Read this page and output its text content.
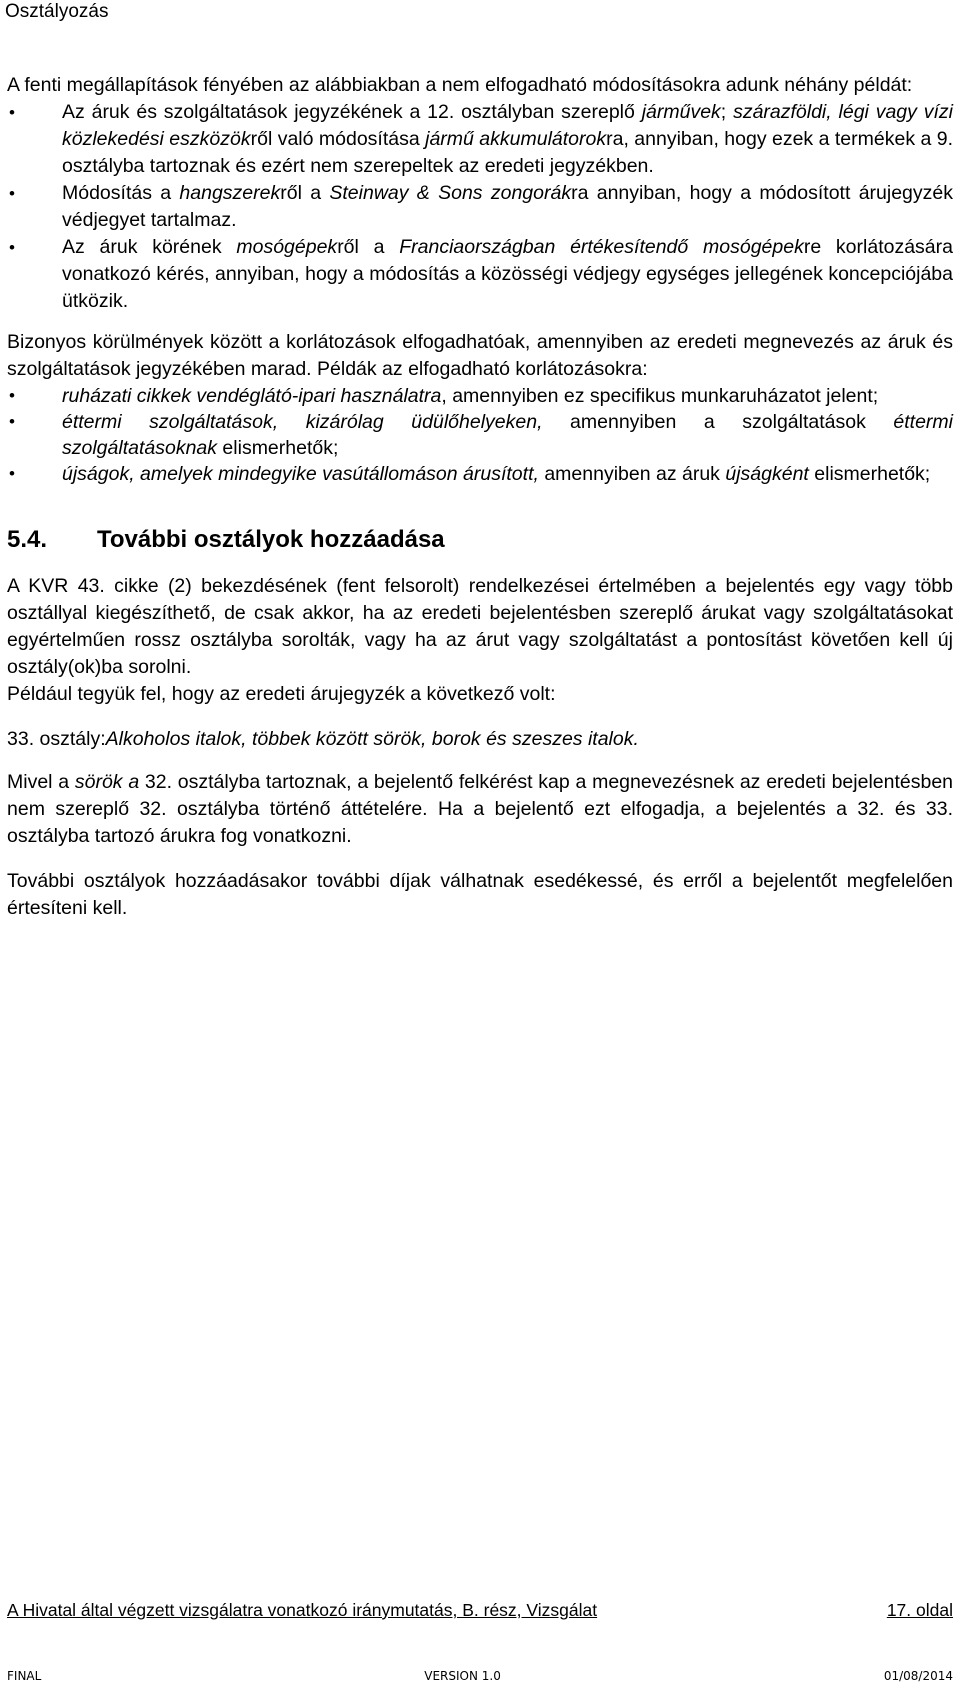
Osztályozás

A fenti megállapítások fényében az alábbiakban a nem elfogadható módosításokra adunk néhány példát:

• Az áruk és szolgáltatások jegyzékének a 12. osztályban szereplő járművek; szárazföldi, légi vagy vízi közlekedési eszközökről való módosítása jármű akkumulátorokra, annyiban, hogy ezek a termékek a 9. osztályba tartoznak és ezért nem szerepeltek az eredeti jegyzékben.
• Módosítás a hangszerekről a Steinway & Sons zongorákra annyiban, hogy a módosított árujegyzék védjegyet tartalmaz.
• Az áruk körének mosógépekről a Franciaországban értékesítendő mosógépekre korlátozására vonatkozó kérés, annyiban, hogy a módosítás a közösségi védjegy egységes jellegének koncepciójába ütközik.

Bizonyos körülmények között a korlátozások elfogadhatóak, amennyiben az eredeti megnevezés az áruk és szolgáltatások jegyzékében marad. Példák az elfogadható korlátozásokra:

• ruházati cikkek vendéglátó-ipari használatra, amennyiben ez specifikus munkaruházatot jelent;
• éttermi szolgáltatások, kizárólag üdülőhelyeken, amennyiben a szolgáltatások éttermi szolgáltatásoknak elismerhetők;
• újságok, amelyek mindegyike vasútállomáson árusított, amennyiben az áruk újságként elismerhetők;
5.4.	További osztályok hozzáadása

A KVR 43. cikke (2) bekezdésének (fent felsorolt) rendelkezései értelmében a bejelentés egy vagy több osztállyal kiegészíthető, de csak akkor, ha az eredeti bejelentésben szereplő árukat vagy szolgáltatásokat egyértelműen rossz osztályba sorolták, vagy ha az árut vagy szolgáltatást a pontosítást követően kell új osztály(ok)ba sorolni.

Például tegyük fel, hogy az eredeti árujegyzék a következő volt:

33. osztály:Alkoholos italok, többek között sörök, borok és szeszes italok.

Mivel a sörök a 32. osztályba tartoznak, a bejelentő felkérést kap a megnevezésnek az eredeti bejelentésben nem szereplő 32. osztályba történő áttételére. Ha a bejelentő ezt elfogadja, a bejelentés a 32. és 33. osztályba tartozó árukra fog vonatkozni.

További osztályok hozzáadásakor további díjak válhatnak esedékessé, és erről a bejelentőt megfelelően értesíteni kell.

A Hivatal által végzett vizsgálatra vonatkozó iránymutatás, B. rész, Vizsgálat	17. oldal
FINAL	VERSION 1.0	01/08/2014
